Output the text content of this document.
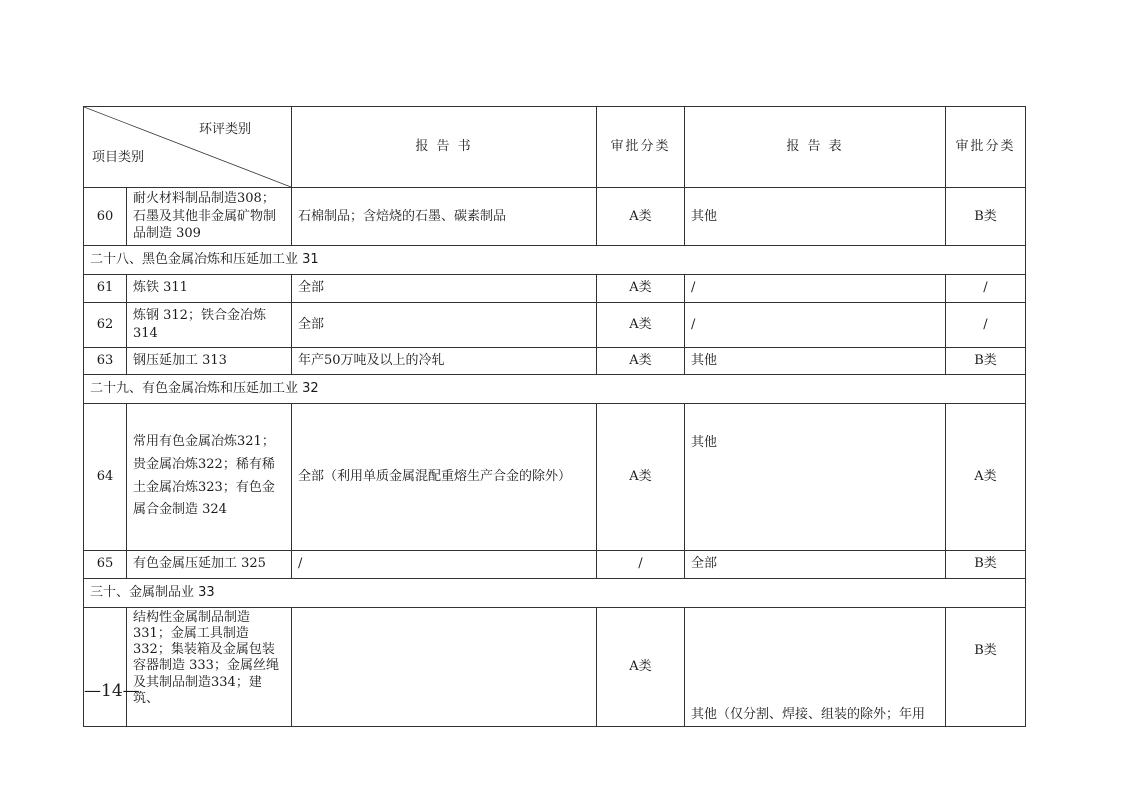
环评类别
项目类别		报 告 书	审批分类	报 告 表	审批分类
60	耐火材料制品制造308；石墨及其他非金属矿物制品制造 309	石棉制品；含焙烧的石墨、碳素制品	A类	其他	B类
二十八、黑色金属冶炼和压延加工业 31					
61	炼铁 311	全部	A类	/	/
62	炼钢 312；铁合金冶炼 314	全部	A类	/	/
63	钢压延加工 313	年产50万吨及以上的冷轧	A类	其他	B类
二十九、有色金属冶炼和压延加工业 32					
64	常用有色金属冶炼321；贵金属冶炼322；稀有稀土金属冶炼323；有色金属合金制造 324	全部（利用单质金属混配重熔生产合金的除外）	A类	其他	A类
65	有色金属压延加工 325	/	/	全部	B类
三十、金属制品业 33					
	结构性金属制品制造331；金属工具制造332；集装箱及金属包装容器制造 333；金属丝绳及其制品制造334；建筑、		A类	其他（仅分割、焊接、组装的除外；年用	B类
—14—
